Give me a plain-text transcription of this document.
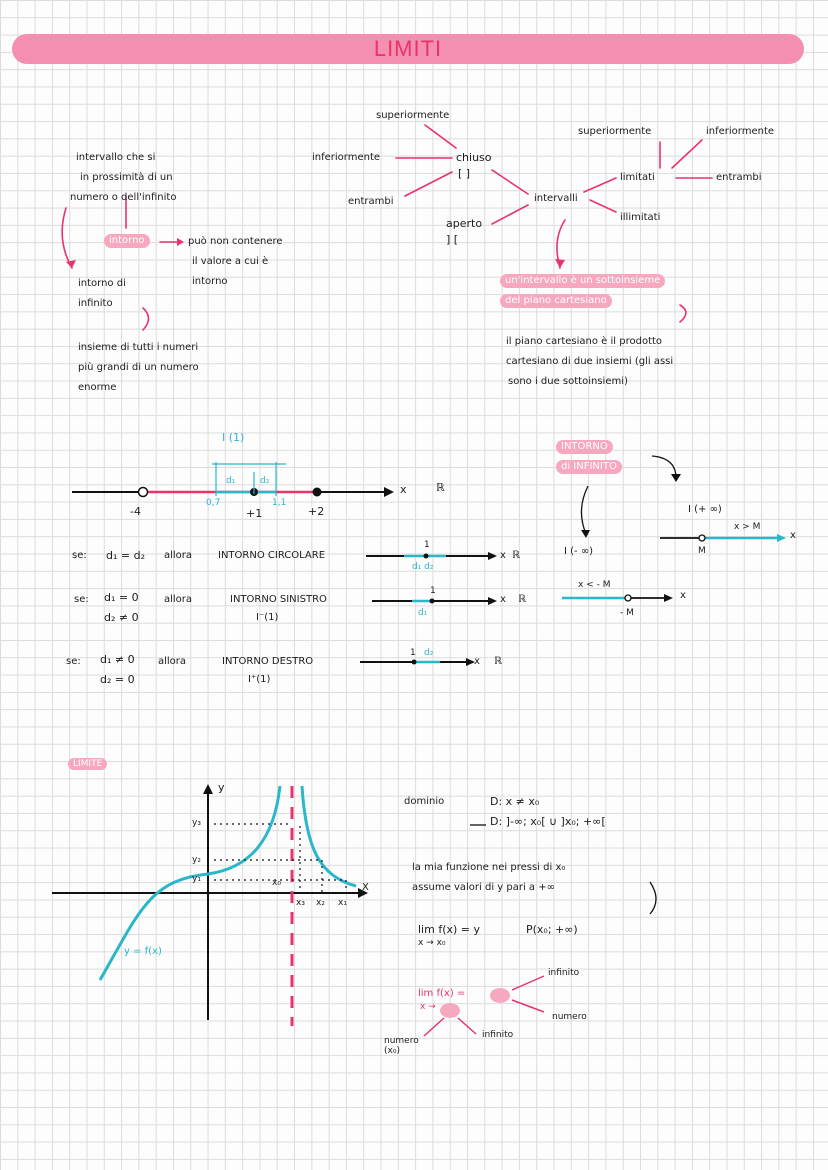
LIMITI
superiormente
inferiormente	chiuso
[ ]
entrambi
aperto
] [
intervalli
limitati
illimitati
superiormente	inferiormente
entrambi
un'intervallo è un sottoinsieme
del piano cartesiano
il piano cartesiano è il prodotto
cartesiano di due insiemi (gli assi
sono i due sottoinsiemi)
intervallo che si
in prossimità di un
numero o dell'infinito
intorno	può non contenere
il valore a cui è
intorno
intorno di
infinito
insieme di tutti i numeri
più grandi di un numero
enorme
I (1)
d₁	d₂
0,7	1,1
-4	+1	+2
x	ℝ
se: d₁ = d₂ allora	INTORNO CIRCOLARE
1
d₁ d₂
x ℝ
se: d₁ = 0
d₂ ≠ 0
allora	INTORNO SINISTRO
I⁻(1)
1
d₁
x ℝ
se: d₁ ≠ 0
d₂ = 0
allora	INTORNO DESTRO
I⁺(1)
1 d₂
x ℝ
INTORNO
di INFINITO
I (+ ∞)
x > M
M
x
I (- ∞)
x < - M
- M
x
LIMITE
y
y₃
y₂
y₁	x₀
x₃ x₂ x₁
X
y = f(x)
dominio	D: x ≠ x₀
D: ]-∞; x₀[ ∪ ]x₀; +∞[
la mia funzione nei pressi di x₀
assume valori di y pari a +∞
lim f(x) = y
x → x₀
P(x₀; +∞)
lim f(x) =
x →
infinito
numero
numero (x₀)
infinito
